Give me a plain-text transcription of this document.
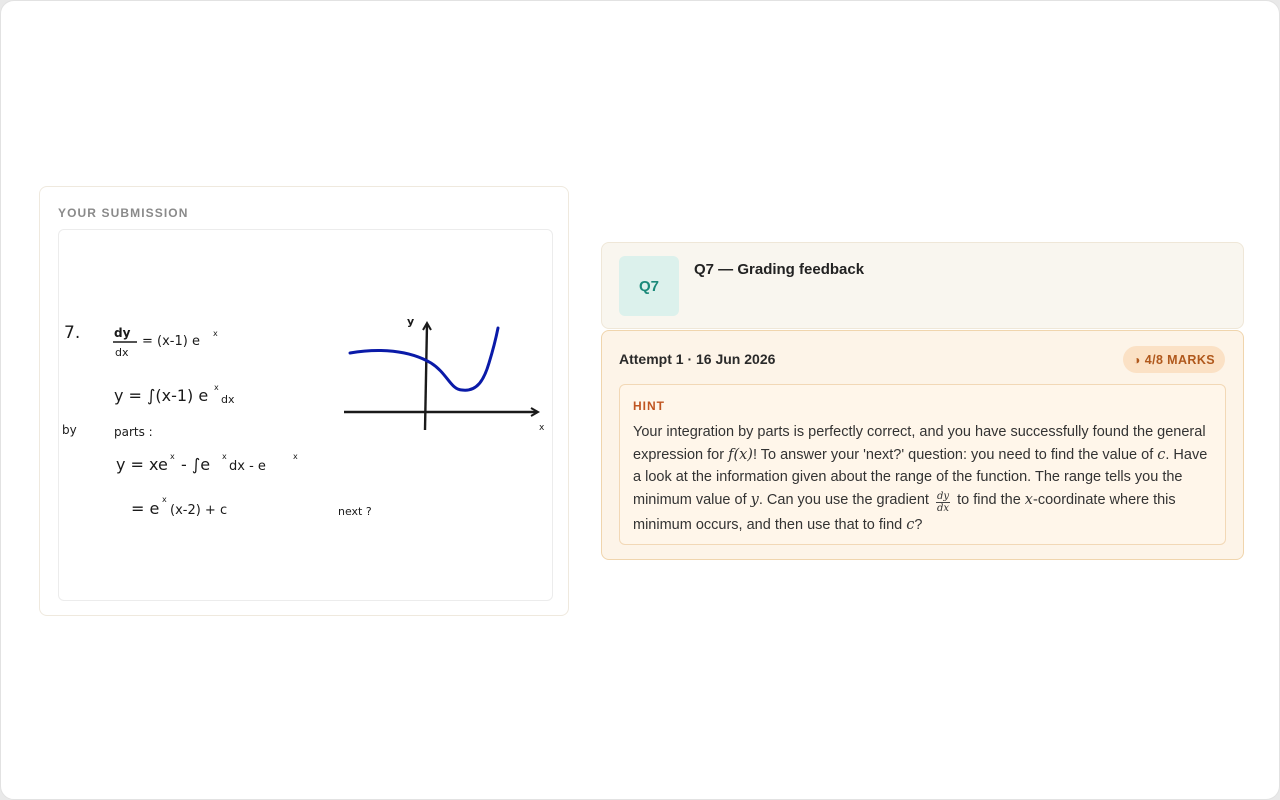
YOUR SUBMISSION
7.	dy
dx
= (x-1) e
x
y = ∫(x-1) e x
dx
by	parts :
y = xe x - ∫e x
dx - e
x
= e x
(x-2) + c	next ?
y
x
Q7
Q7 — Grading feedback
Attempt 1 · 16 Jun 2026	◑ 4/8 MARKS
HINT
Your integration by parts is perfectly correct, and you have successfully found the general expression for f(x)! To answer your 'next?' question: you need to find the value of c. Have a look at the information given about the range of the function. The range tells you the minimum value of y. Can you use the gradient $\frac{dy}{dx}$ to find the x-coordinate where this minimum occurs, and then use that to find c?
